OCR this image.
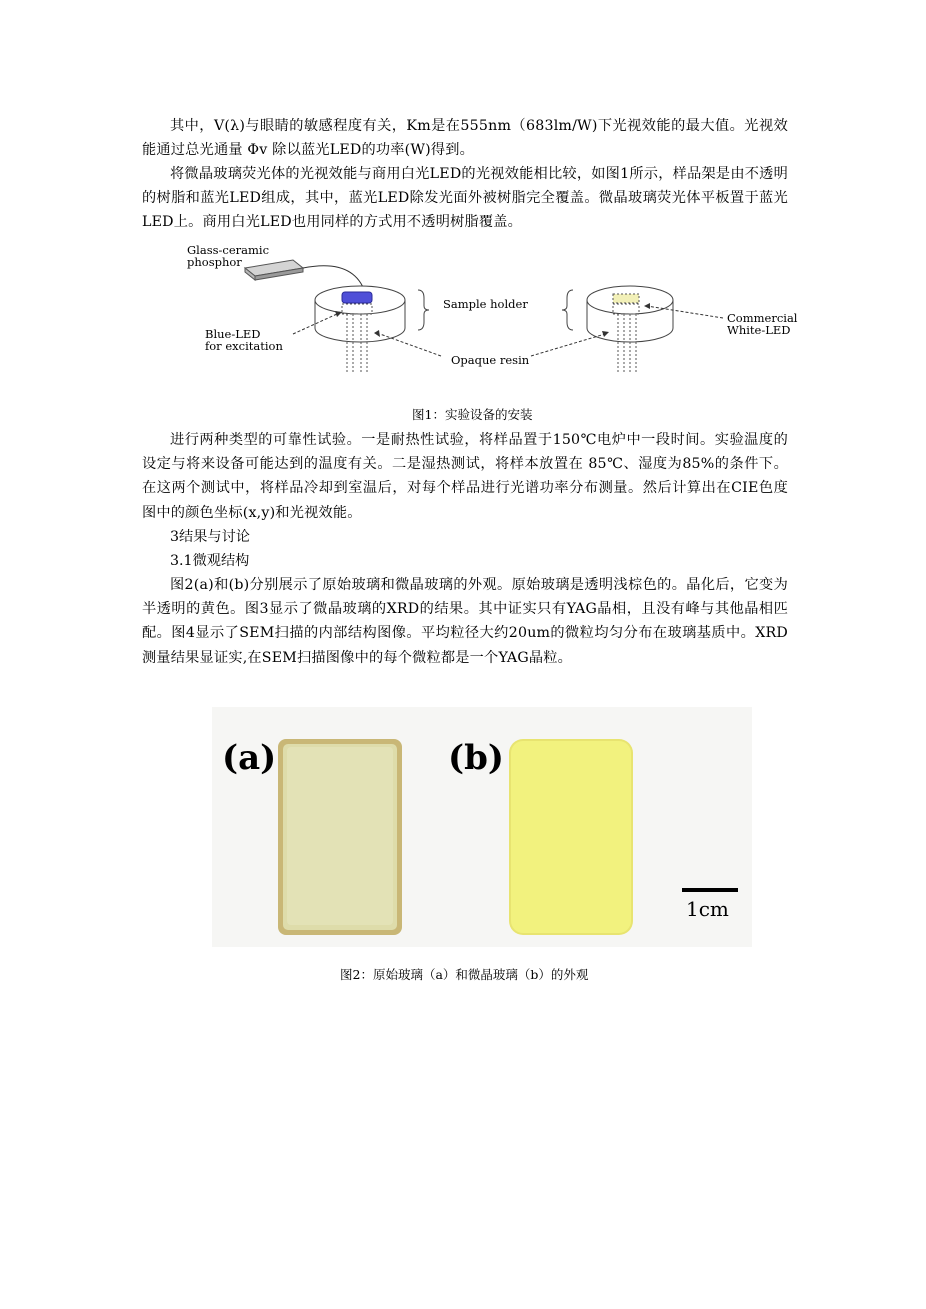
其中，V(λ)与眼睛的敏感程度有关，Km是在555nm（683lm/W)下光视效能的最大值。光视效能通过总光通量 Φv 除以蓝光LED的功率(W)得到。

将微晶玻璃荧光体的光视效能与商用白光LED的光视效能相比较，如图1所示，样品架是由不透明的树脂和蓝光LED组成，其中，蓝光LED除发光面外被树脂完全覆盖。微晶玻璃荧光体平板置于蓝光LED上。商用白光LED也用同样的方式用不透明树脂覆盖。

Glass-ceramic
phosphor
Sample holder
Blue-LED
for excitation
Opaque resin
Commercial
White-LED

图1：实验设备的安装

进行两种类型的可靠性试验。一是耐热性试验，将样品置于150℃电炉中一段时间。实验温度的设定与将来设备可能达到的温度有关。二是湿热测试，将样本放置在 85℃、湿度为85%的条件下。在这两个测试中，将样品冷却到室温后，对每个样品进行光谱功率分布测量。然后计算出在CIE色度图中的颜色坐标(x,y)和光视效能。

3结果与讨论

3.1微观结构

图2(a)和(b)分别展示了原始玻璃和微晶玻璃的外观。原始玻璃是透明浅棕色的。晶化后，它变为半透明的黄色。图3显示了微晶玻璃的XRD的结果。其中证实只有YAG晶相，且没有峰与其他晶相匹配。图4显示了SEM扫描的内部结构图像。平均粒径大约20um的微粒均匀分布在玻璃基质中。XRD测量结果显证实,在SEM扫描图像中的每个微粒都是一个YAG晶粒。

(a)	(b)
1cm

图2：原始玻璃（a）和微晶玻璃（b）的外观
